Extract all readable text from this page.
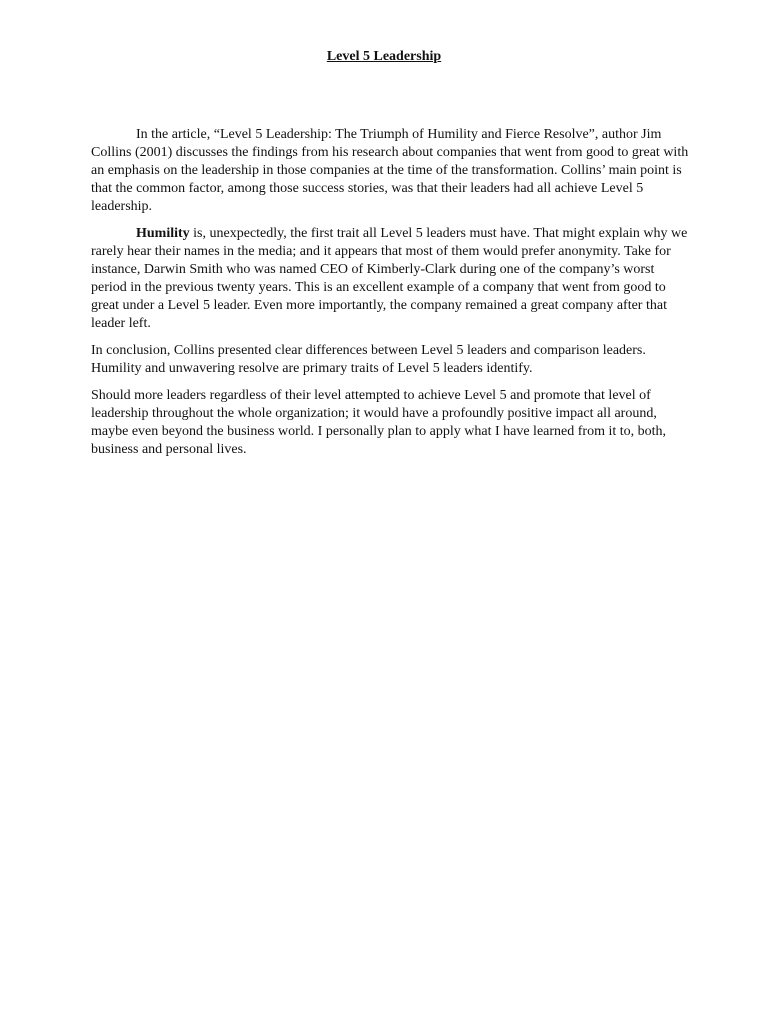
Level 5 Leadership

In the article, “Level 5 Leadership: The Triumph of Humility and Fierce Resolve”, author Jim Collins (2001) discusses the findings from his research about companies that went from good to great with an emphasis on the leadership in those companies at the time of the transformation. Collins’ main point is that the common factor, among those success stories, was that their leaders had all achieve Level 5 leadership.

Humility is, unexpectedly, the first trait all Level 5 leaders must have. That might explain why we rarely hear their names in the media; and it appears that most of them would prefer anonymity. Take for instance, Darwin Smith who was named CEO of Kimberly-Clark during one of the company’s worst period in the previous twenty years. This is an excellent example of a company that went from good to great under a Level 5 leader. Even more importantly, the company remained a great company after that leader left.

In conclusion, Collins presented clear differences between Level 5 leaders and comparison leaders. Humility and unwavering resolve are primary traits of Level 5 leaders identify.

Should more leaders regardless of their level attempted to achieve Level 5 and promote that level of leadership throughout the whole organization; it would have a profoundly positive impact all around, maybe even beyond the business world. I personally plan to apply what I have learned from it to, both, business and personal lives.
